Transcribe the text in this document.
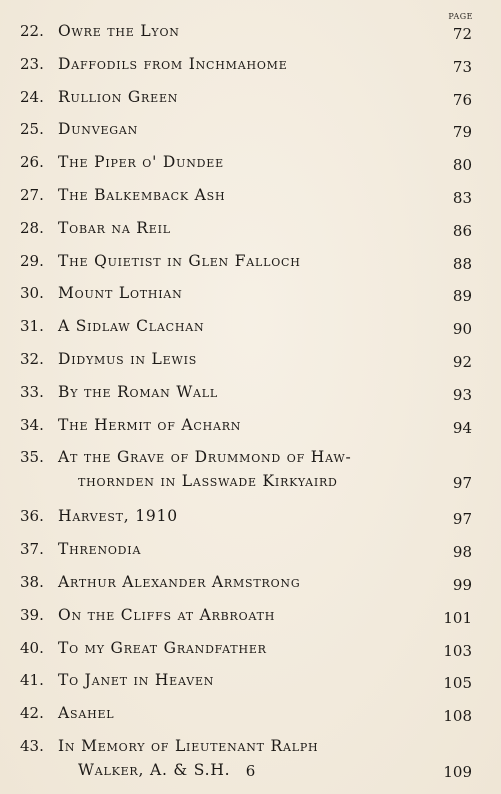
PAGE
22. Owre the Lyon	72
23. Daffodils from Inchmahome	73
24. Rullion Green	76
25. Dunvegan	79
26. The Piper o' Dundee	80
27. The Balkemback Ash	83
28. Tobar na Reil	86
29. The Quietist in Glen Falloch	88
30. Mount Lothian	89
31. A Sidlaw Clachan	90
32. Didymus in Lewis	92
33. By the Roman Wall	93
34. The Hermit of Acharn	94
35. At the Grave of Drummond of Haw-
thornden in Lasswade Kirkyaird	97
36. Harvest, 1910	97
37. Threnodia	98
38. Arthur Alexander Armstrong	99
39. On the Cliffs at Arbroath	101
40. To my Great Grandfather	103
41. To Janet in Heaven	105
42. Asahel	108
43. In Memory of Lieutenant Ralph
Walker, A. & S.H.	109
6
